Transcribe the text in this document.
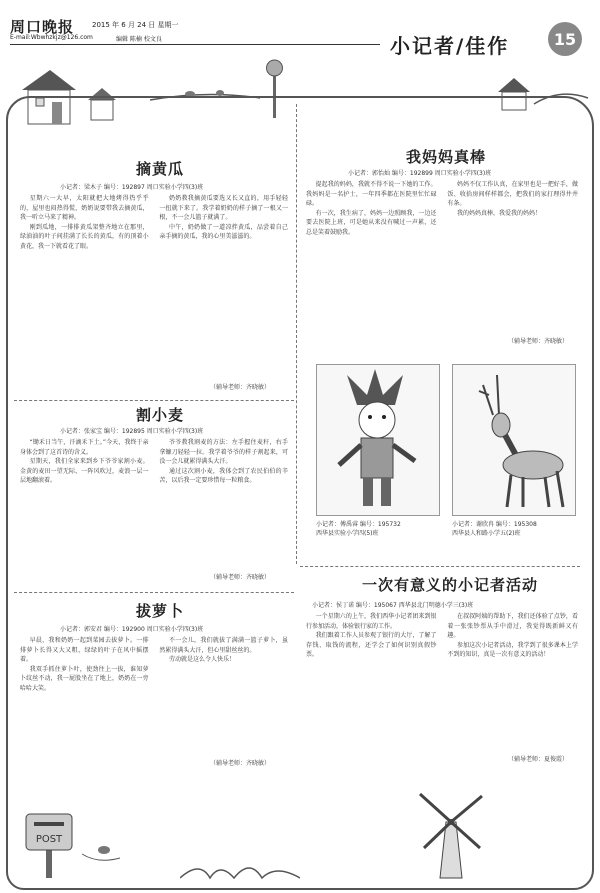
周口晚报	2015 年 6 月 24 日 星期一
E-mail:Wbwhzkjz@126.com	编辑 陈楠 校文良	小记者/佳作	15
摘黄瓜
小记者：梁木子 编号：192897 周口实验小学四(3)班

星期六一大早，太阳就把大地烤得热乎乎的，屋里也闷热得慌，奶奶说要带我去摘黄瓜，我一听立马来了精神。

刚到瓜地，一排排黄瓜架整齐地立在那里，绿油油的叶子间挂满了长长的黄瓜，有的顶着小黄花，我一下就看花了眼。

奶奶教我摘黄瓜要选又长又直的，用手轻轻一扭就下来了。我学着奶奶的样子摘了一根又一根，不一会儿篮子就满了。

中午，奶奶做了一道凉拌黄瓜，品尝着自己亲手摘的黄瓜，我的心里美滋滋的。

（辅导老师：齐晓敏）
我妈妈真棒
小记者：郭怡灿 编号：192899 周口实验小学四(3)班

提起我的妈妈，我就不得不说一下她的工作。我妈妈是一名护士，一年四季都在医院里忙忙碌碌。

有一次，我生病了，妈妈一边照顾我，一边还要去医院上班，可是她从来没有喊过一声累，还总是笑着鼓励我。

妈妈不仅工作认真，在家里也是一把好手，做饭、收拾房间样样都会，把我们的家打理得井井有条。

我的妈妈真棒，我爱我的妈妈！

（辅导老师：齐晓敏）
小记者：傅禹睿 编号：195732
西华县实验小学四(5)班
小记者：谢欣冉 编号：195308
西华县人和路小学五(2)班
割小麦
小记者：张家宝 编号：192895 周口实验小学四(3)班

“锄禾日当午，汗滴禾下土。”今天，我终于亲身体会到了这首诗的含义。

星期天，我们全家来到乡下爷爷家割小麦。金黄的麦田一望无际，一阵风吹过，麦浪一层一层地翻滚着。

爷爷教我割麦的方法：左手握住麦秆，右手拿镰刀轻轻一拉。我学着爷爷的样子割起来，可没一会儿就累得满头大汗。

通过这次割小麦，我体会到了农民伯伯的辛苦，以后我一定要珍惜每一粒粮食。

（辅导老师：齐晓敏）
拔萝卜
小记者：郭安君 编号：192900 周口实验小学四(3)班

早晨，我和奶奶一起到菜园去拔萝卜。一排排萝卜长得又大又粗，绿绿的叶子在风中摇摆着。

我双手抓住萝卜叶，使劲往上一拔，谁知萝卜纹丝不动，我一屁股坐在了地上，奶奶在一旁哈哈大笑。

不一会儿，我们就拔了满满一篮子萝卜，虽然累得满头大汗，但心里甜丝丝的。

劳动就是这么令人快乐！

（辅导老师：齐晓敏）
一次有意义的小记者活动
小记者：侯丁诺 编号：195067 西华县北门明德小学三(3)班

一个星期六的上午，我们西华小记者团来到银行参加活动，体验银行家的工作。

我们跟着工作人员参观了银行的大厅，了解了存钱、取钱的流程，还学会了如何识别真假钞票。

在叔叔阿姨的帮助下，我们还体验了点钞，看着一张张钞票从手中滑过，我觉得既新鲜又有趣。

参加这次小记者活动，我学到了很多课本上学不到的知识，真是一次有意义的活动！

（辅导老师：夏俊霞）
POST
